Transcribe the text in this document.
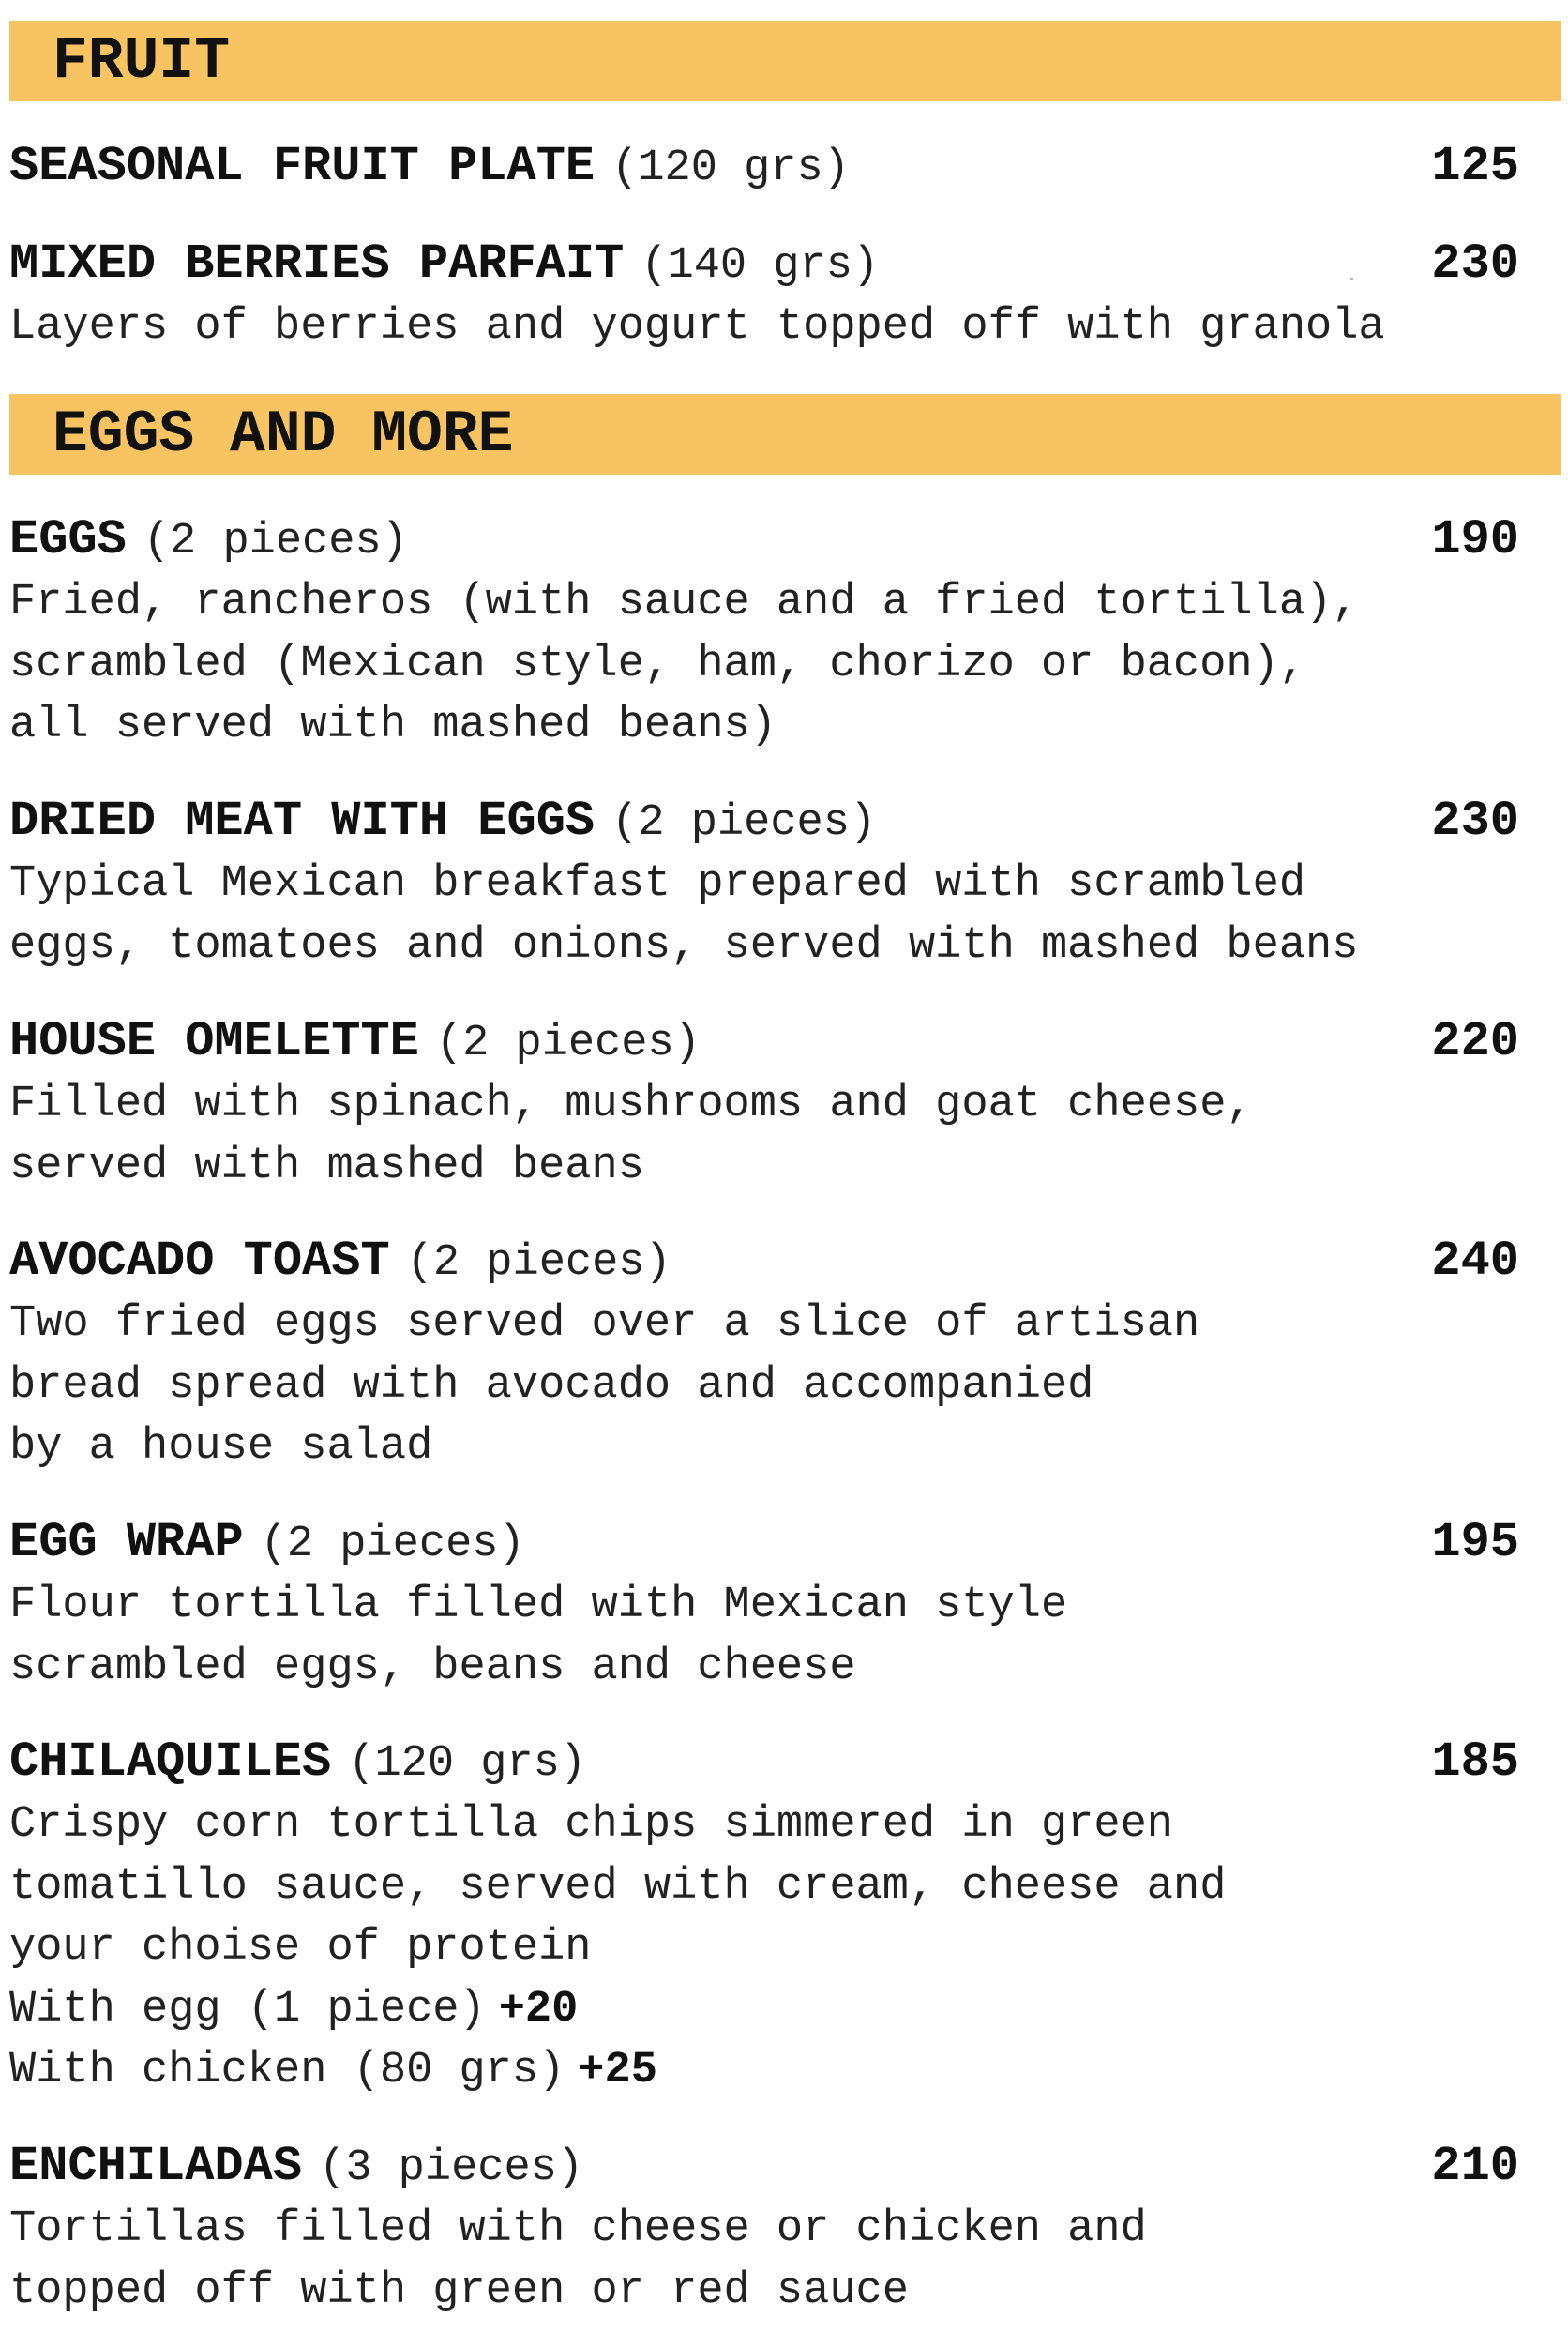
FRUIT
SEASONAL FRUIT PLATE (120 grs)	125
MIXED BERRIES PARFAIT (140 grs)	230
Layers of berries and yogurt topped off with granola
EGGS AND MORE
EGGS (2 pieces)	190
Fried, rancheros (with sauce and a fried tortilla),
scrambled (Mexican style, ham, chorizo or bacon),
all served with mashed beans)
DRIED MEAT WITH EGGS (2 pieces)	230
Typical Mexican breakfast prepared with scrambled
eggs, tomatoes and onions, served with mashed beans
HOUSE OMELETTE (2 pieces)	220
Filled with spinach, mushrooms and goat cheese,
served with mashed beans
AVOCADO TOAST (2 pieces)	240
Two fried eggs served over a slice of artisan
bread spread with avocado and accompanied
by a house salad
EGG WRAP (2 pieces)	195
Flour tortilla filled with Mexican style
scrambled eggs, beans and cheese
CHILAQUILES (120 grs)	185
Crispy corn tortilla chips simmered in green
tomatillo sauce, served with cream, cheese and
your choise of protein
With egg (1 piece) +20
With chicken (80 grs) +25
ENCHILADAS (3 pieces)	210
Tortillas filled with cheese or chicken and
topped off with green or red sauce
